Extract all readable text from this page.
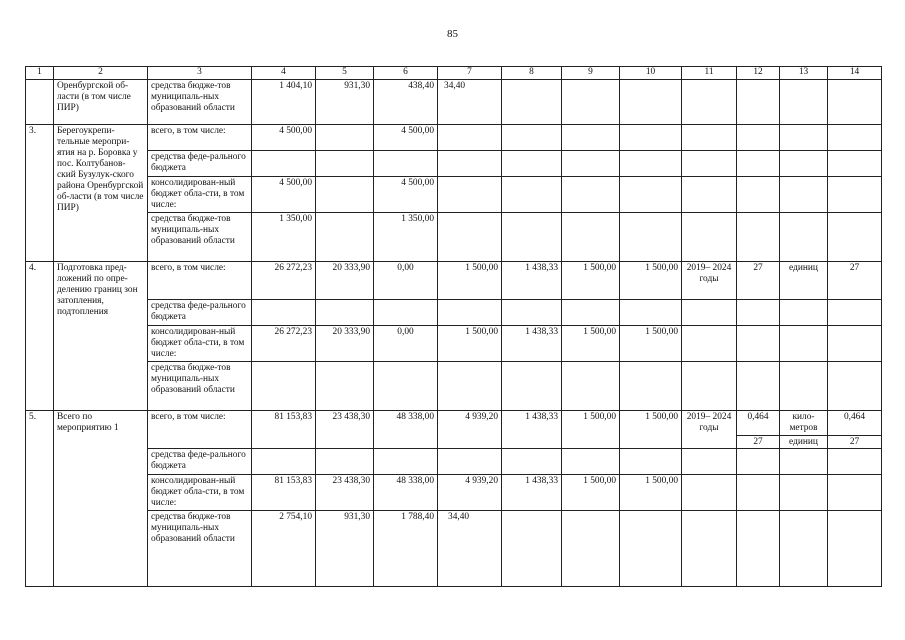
85
1	2	3	4	5	6	7	8	9	10	11	12	13	14
	Оренбургской об-ласти (в том числе ПИР)	средства бюдже-тов муниципаль-ных образований области	1 404,10	931,30	438,40	34,40							
3.	Берегоукрепи-тельные меропри-ятия на р. Боровка у пос. Колтубанов-ский Бузулук-ского района Оренбургской об-ласти (в том числе ПИР)	всего, в том числе:	4 500,00		4 500,00								
		средства феде-рального бюджета											
		консолидирован-ный бюджет обла-сти, в том числе:	4 500,00		4 500,00								
		средства бюдже-тов муниципаль-ных образований области	1 350,00		1 350,00								
4.	Подготовка пред-ложений по опре-делению границ зон затопления, подтопления	всего, в том числе:	26 272,23	20 333,90	0,00	1 500,00	1 438,33	1 500,00	1 500,00	2019– 2024 годы	27	единиц	27
		средства феде-рального бюджета											
		консолидирован-ный бюджет обла-сти, в том числе:	26 272,23	20 333,90	0,00	1 500,00	1 438,33	1 500,00	1 500,00				
		средства бюдже-тов муниципаль-ных образований области											
5.	Всего по мероприятию 1	всего, в том числе:	81 153,83	23 438,30	48 338,00	4 939,20	1 438,33	1 500,00	1 500,00	2019– 2024 годы	0,464	кило-метров	0,464
											27	единиц	27
		средства феде-рального бюджета											
		консолидирован-ный бюджет обла-сти, в том числе:	81 153,83	23 438,30	48 338,00	4 939,20	1 438,33	1 500,00	1 500,00				
		средства бюдже-тов муниципаль-ных образований области	2 754,10	931,30	1 788,40	34,40							
